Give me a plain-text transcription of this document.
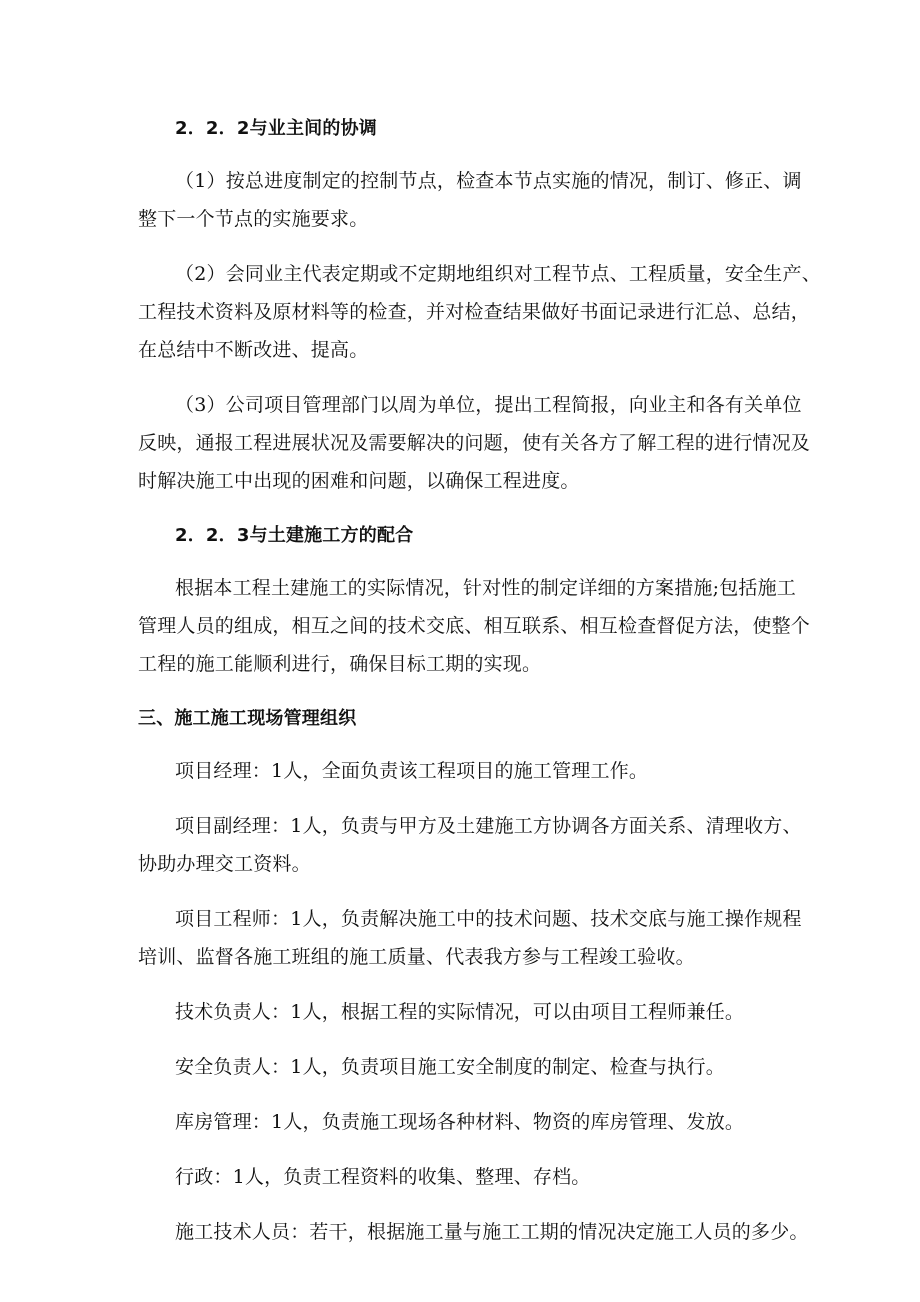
2．2．2与业主间的协调
（1）按总进度制定的控制节点，检查本节点实施的情况，制订、修正、调
整下一个节点的实施要求。
（2）会同业主代表定期或不定期地组织对工程节点、工程质量，安全生产、
工程技术资料及原材料等的检查，并对检查结果做好书面记录进行汇总、总结，
在总结中不断改进、提高。
（3）公司项目管理部门以周为单位，提出工程简报，向业主和各有关单位
反映，通报工程进展状况及需要解决的问题，使有关各方了解工程的进行情况及
时解决施工中出现的困难和问题，以确保工程进度。
2．2．3与土建施工方的配合
根据本工程土建施工的实际情况，针对性的制定详细的方案措施;包括施工
管理人员的组成，相互之间的技术交底、相互联系、相互检查督促方法，使整个
工程的施工能顺利进行，确保目标工期的实现。
三、施工施工现场管理组织
项目经理：1人，全面负责该工程项目的施工管理工作。
项目副经理：1人，负责与甲方及土建施工方协调各方面关系、清理收方、
协助办理交工资料。
项目工程师：1人，负责解决施工中的技术问题、技术交底与施工操作规程
培训、监督各施工班组的施工质量、代表我方参与工程竣工验收。
技术负责人：1人，根据工程的实际情况，可以由项目工程师兼任。
安全负责人：1人，负责项目施工安全制度的制定、检查与执行。
库房管理：1人，负责施工现场各种材料、物资的库房管理、发放。
行政：1人，负责工程资料的收集、整理、存档。
施工技术人员：若干，根据施工量与施工工期的情况决定施工人员的多少。
